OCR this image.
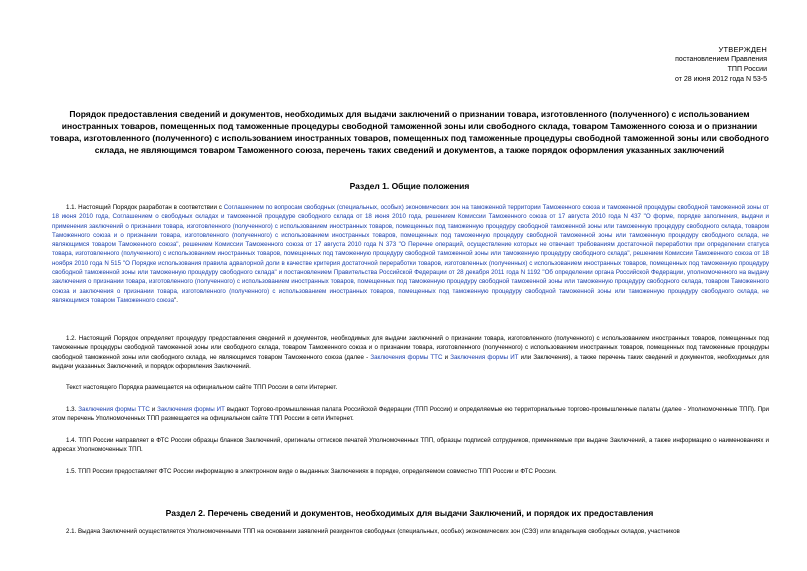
УТВЕРЖДЕН
постановлением Правления
ТПП России
от 28 июня 2012 года N 53-5
Порядок предоставления сведений и документов, необходимых для выдачи заключений о признании товара, изготовленного (полученного) с использованием иностранных товаров, помещенных под таможенные процедуры свободной таможенной зоны или свободного склада, товаром Таможенного союза и о признании товара, изготовленного (полученного) с использованием иностранных товаров, помещенных под таможенные процедуры свободной таможенной зоны или свободного склада, не являющимся товаром Таможенного союза, перечень таких сведений и документов, а также порядок оформления указанных заключений
Раздел 1. Общие положения
1.1. Настоящий Порядок разработан в соответствии с Соглашением по вопросам свободных (специальных, особых) экономических зон на таможенной территории Таможенного союза и таможенной процедуры свободной таможенной зоны от 18 июня 2010 года, Соглашением о свободных складах и таможенной процедуре свободного склада от 18 июня 2010 года, решением Комиссии Таможенного союза от 17 августа 2010 года N 437 "О форме, порядке заполнения, выдачи и применения заключений о признании товара, изготовленного (полученного) с использованием иностранных товаров, помещенных под таможенную процедуру свободной таможенной зоны или таможенную процедуру свободного склада, товаром Таможенного союза и о признании товара, изготовленного (полученного) с использованием иностранных товаров, помещенных под таможенную процедуру свободной таможенной зоны или таможенную процедуру свободного склада, не являющимся товаром Таможенного союза", решением Комиссии Таможенного союза от 17 августа 2010 года N 373 "О Перечне операций, осуществление которых не отвечает требованиям достаточной переработки при определении статуса товара, изготовленного (полученного) с использованием иностранных товаров, помещенных под таможенную процедуру свободной таможенной зоны или таможенную процедуру свободного склада", решением Комиссии Таможенного союза от 18 ноября 2010 года N 515 "О Порядке использования правила адвалорной доли в качестве критерия достаточной переработки товаров, изготовленных (полученных) с использованием иностранных товаров, помещенных под таможенную процедуру свободной таможенной зоны или таможенную процедуру свободного склада" и постановлением Правительства Российской Федерации от 28 декабря 2011 года N 1192 "Об определении органа Российской Федерации, уполномоченного на выдачу заключения о признании товара, изготовленного (полученного) с использованием иностранных товаров, помещенных под таможенную процедуру свободной таможенной зоны или таможенную процедуру свободного склада, товаром Таможенного союза и заключения о признании товара, изготовленного (полученного) с использованием иностранных товаров, помещенных под таможенную процедуру свободной таможенной зоны или таможенную процедуру свободного склада, не являющимся товаром Таможенного союза".
1.2. Настоящий Порядок определяет процедуру предоставления сведений и документов, необходимых для выдачи заключений о признании товара, изготовленного (полученного) с использованием иностранных товаров, помещенных под таможенные процедуры свободной таможенной зоны или свободного склада, товаром Таможенного союза и о признании товара, изготовленного (полученного) с использованием иностранных товаров, помещенных под таможенные процедуры свободной таможенной зоны или свободного склада, не являющимся товаром Таможенного союза (далее - Заключения формы ТТС и Заключения формы ИТ или Заключения), а также перечень таких сведений и документов, необходимых для выдачи указанных Заключений, и порядок оформления Заключений.
Текст настоящего Порядка размещается на официальном сайте ТПП России в сети Интернет.
1.3. Заключения формы ТТС и Заключения формы ИТ выдают Торгово-промышленная палата Российской Федерации (ТПП России) и определяемые ею территориальные торгово-промышленные палаты (далее - Уполномоченные ТПП). При этом перечень Уполномоченных ТПП размещается на официальном сайте ТПП России в сети Интернет.
1.4. ТПП России направляет в ФТС России образцы бланков Заключений, оригиналы оттисков печатей Уполномоченных ТПП, образцы подписей сотрудников, применяемые при выдаче Заключений, а также информацию о наименованиях и адресах Уполномоченных ТПП.
1.5. ТПП России предоставляет ФТС России информацию в электронном виде о выданных Заключениях в порядке, определяемом совместно ТПП России и ФТС России.
Раздел 2. Перечень сведений и документов, необходимых для выдачи Заключений, и порядок их предоставления
2.1. Выдача Заключений осуществляется Уполномоченными ТПП на основании заявлений резидентов свободных (специальных, особых) экономических зон (СЭЗ) или владельцев свободных складов, участников
